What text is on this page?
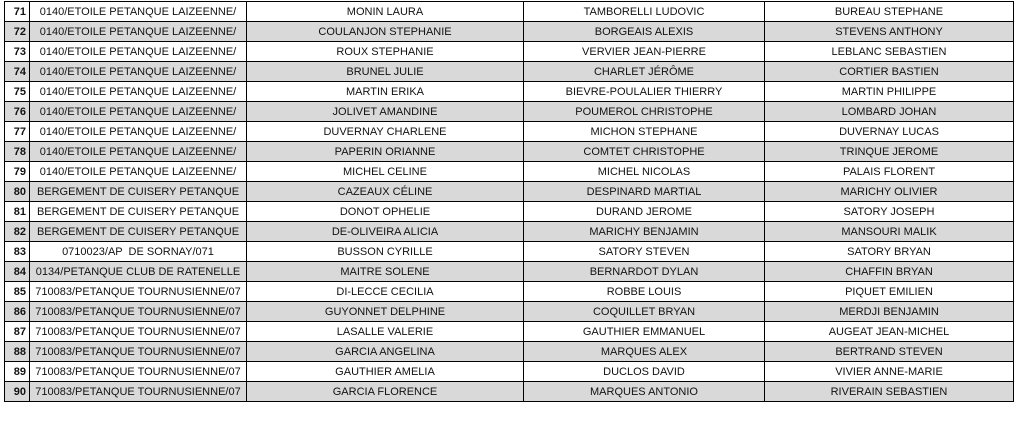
71	0140/ETOILE PETANQUE LAIZEENNE/	MONIN LAURA	TAMBORELLI LUDOVIC	BUREAU STEPHANE
72	0140/ETOILE PETANQUE LAIZEENNE/	COULANJON STEPHANIE	BORGEAIS ALEXIS	STEVENS ANTHONY
73	0140/ETOILE PETANQUE LAIZEENNE/	ROUX STEPHANIE	VERVIER JEAN-PIERRE	LEBLANC SEBASTIEN
74	0140/ETOILE PETANQUE LAIZEENNE/	BRUNEL JULIE	CHARLET JÉRÔME	CORTIER BASTIEN
75	0140/ETOILE PETANQUE LAIZEENNE/	MARTIN ERIKA	BIEVRE-POULALIER THIERRY	MARTIN PHILIPPE
76	0140/ETOILE PETANQUE LAIZEENNE/	JOLIVET AMANDINE	POUMEROL CHRISTOPHE	LOMBARD JOHAN
77	0140/ETOILE PETANQUE LAIZEENNE/	DUVERNAY CHARLENE	MICHON STEPHANE	DUVERNAY LUCAS
78	0140/ETOILE PETANQUE LAIZEENNE/	PAPERIN ORIANNE	COMTET CHRISTOPHE	TRINQUE JEROME
79	0140/ETOILE PETANQUE LAIZEENNE/	MICHEL CELINE	MICHEL NICOLAS	PALAIS FLORENT
80	BERGEMENT DE CUISERY PETANQUE	CAZEAUX CÉLINE	DESPINARD MARTIAL	MARICHY OLIVIER
81	BERGEMENT DE CUISERY PETANQUE	DONOT OPHELIE	DURAND JEROME	SATORY JOSEPH
82	BERGEMENT DE CUISERY PETANQUE	DE-OLIVEIRA ALICIA	MARICHY BENJAMIN	MANSOURI MALIK
83	0710023/AP  DE SORNAY/071	BUSSON CYRILLE	SATORY STEVEN	SATORY BRYAN
84	0134/PETANQUE CLUB DE RATENELLE	MAITRE SOLENE	BERNARDOT DYLAN	CHAFFIN BRYAN
85	710083/PETANQUE TOURNUSIENNE/07	DI-LECCE CECILIA	ROBBE LOUIS	PIQUET EMILIEN
86	710083/PETANQUE TOURNUSIENNE/07	GUYONNET DELPHINE	COQUILLET BRYAN	MERDJI BENJAMIN
87	710083/PETANQUE TOURNUSIENNE/07	LASALLE VALERIE	GAUTHIER EMMANUEL	AUGEAT JEAN-MICHEL
88	710083/PETANQUE TOURNUSIENNE/07	GARCIA ANGELINA	MARQUES ALEX	BERTRAND STEVEN
89	710083/PETANQUE TOURNUSIENNE/07	GAUTHIER AMELIA	DUCLOS DAVID	VIVIER ANNE-MARIE
90	710083/PETANQUE TOURNUSIENNE/07	GARCIA FLORENCE	MARQUES ANTONIO	RIVERAIN SEBASTIEN
